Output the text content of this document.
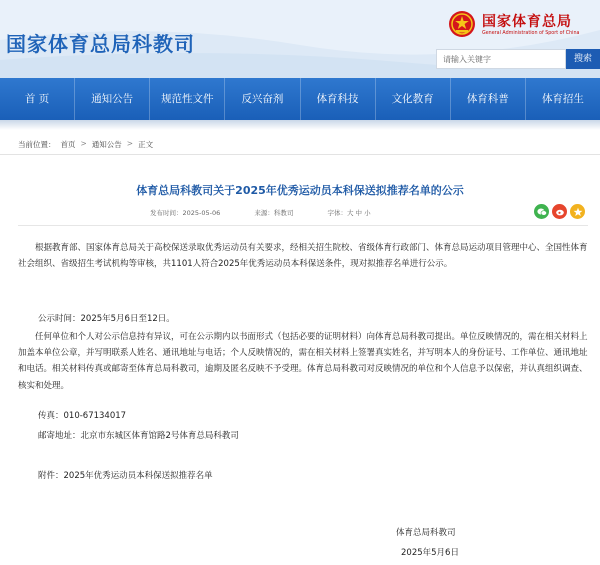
国家体育总局科教司
国家体育总局
General Administration of Sport of China
请输入关键字	搜索
首 页	通知公告	规范性文件	反兴奋剂	体育科技	文化教育	体育科普	体育招生
当前位置： 首页 > 通知公告 > 正文
体育总局科教司关于2025年优秀运动员本科保送拟推荐名单的公示
发布时间：2025-05-06	来源：科教司	字体：大 中 小

根据教育部、国家体育总局关于高校保送录取优秀运动员有关要求，经相关招生院校、省级体育行政部门、体育总局运动项目管理中心、全国性体育社会组织、省级招生考试机构等审核，共1101人符合2025年优秀运动员本科保送条件，现对拟推荐名单进行公示。

公示时间：2025年5月6日至12日。

任何单位和个人对公示信息持有异议，可在公示期内以书面形式（包括必要的证明材料）向体育总局科教司提出。单位反映情况的，需在相关材料上加盖本单位公章，并写明联系人姓名、通讯地址与电话；个人反映情况的，需在相关材料上签署真实姓名，并写明本人的身份证号、工作单位、通讯地址和电话。相关材料传真或邮寄至体育总局科教司，逾期及匿名反映不予受理。体育总局科教司对反映情况的单位和个人信息予以保密，并认真组织调查、核实和处理。

传真：010-67134017

邮寄地址：北京市东城区体育馆路2号体育总局科教司

附件：2025年优秀运动员本科保送拟推荐名单

体育总局科教司
2025年5月6日
